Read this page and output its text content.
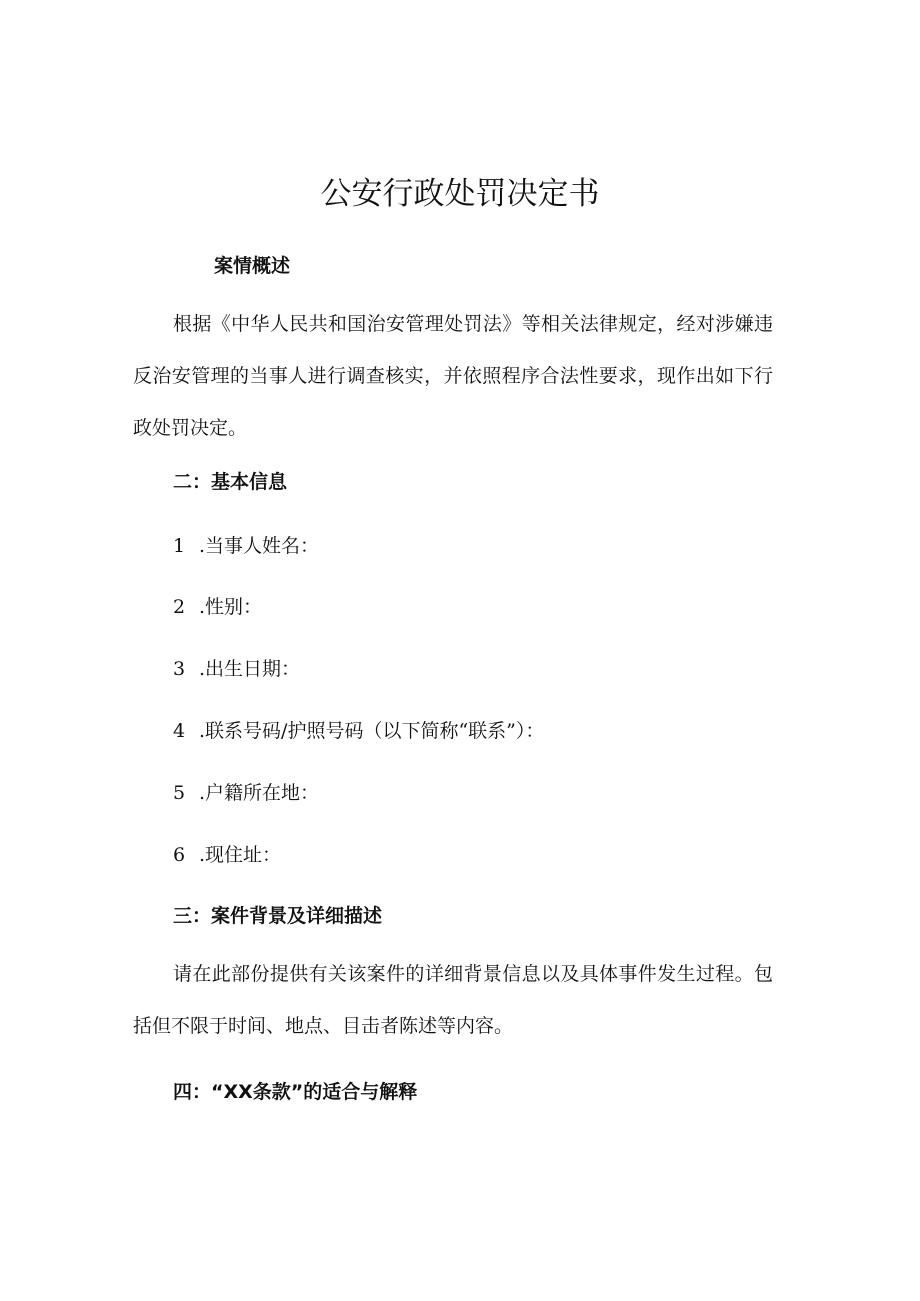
公安行政处罚决定书
案情概述
根据《中华人民共和国治安管理处罚法》等相关法律规定，经对涉嫌违反治安管理的当事人进行调查核实，并依照程序合法性要求，现作出如下行政处罚决定。
二：基本信息
1 .当事人姓名：
2 .性别：
3 .出生日期：
4 .联系号码/护照号码（以下简称“联系”）：
5 .户籍所在地：
6 .现住址：
三：案件背景及详细描述
请在此部份提供有关该案件的详细背景信息以及具体事件发生过程。包括但不限于时间、地点、目击者陈述等内容。
四：“XX条款”的适合与解释
